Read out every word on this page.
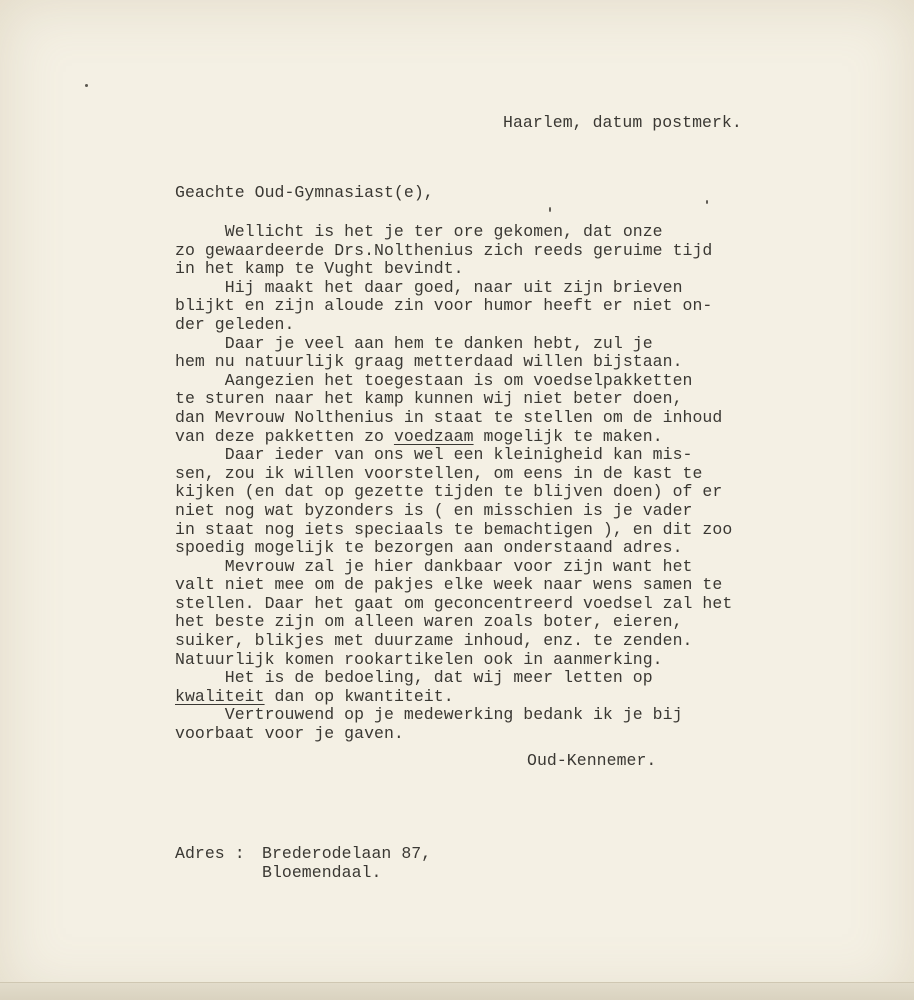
Haarlem, datum postmerk.
Geachte Oud-Gymnasiast(e),
Wellicht is het je ter ore gekomen, dat onze
zo gewaardeerde Drs.Nolthenius zich reeds geruime tijd
in het kamp te Vught bevindt.
Hij maakt het daar goed, naar uit zijn brieven
blijkt en zijn aloude zin voor humor heeft er niet on-
der geleden.
Daar je veel aan hem te danken hebt, zul je
hem nu natuurlijk graag metterdaad willen bijstaan.
Aangezien het toegestaan is om voedselpakketten
te sturen naar het kamp kunnen wij niet beter doen,
dan Mevrouw Nolthenius in staat te stellen om de inhoud
van deze pakketten zo voedzaam mogelijk te maken.
Daar ieder van ons wel een kleinigheid kan mis-
sen, zou ik willen voorstellen, om eens in de kast te
kijken (en dat op gezette tijden te blijven doen) of er
niet nog wat byzonders is ( en misschien is je vader
in staat nog iets speciaals te bemachtigen ), en dit zoo
spoedig mogelijk te bezorgen aan onderstaand adres.
Mevrouw zal je hier dankbaar voor zijn want het
valt niet mee om de pakjes elke week naar wens samen te
stellen. Daar het gaat om geconcentreerd voedsel zal het
het beste zijn om alleen waren zoals boter, eieren,
suiker, blikjes met duurzame inhoud, enz. te zenden.
Natuurlijk komen rookartikelen ook in aanmerking.
Het is de bedoeling, dat wij meer letten op
kwaliteit dan op kwantiteit.
Vertrouwend op je medewerking bedank ik je bij
voorbaat voor je gaven.
Oud-Kennemer.
Adres : Brederodelaan 87,
Bloemendaal.
